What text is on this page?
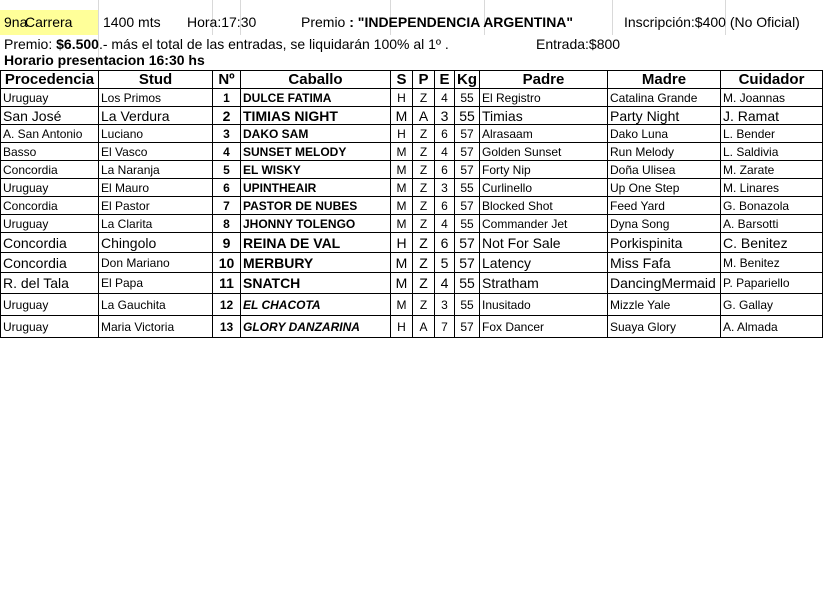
9na
Carrera 1400 mts Hora:17:30	Premio : "INDEPENDENCIA ARGENTINA"	Inscripción:$400 (No Oficial)
Premio: $6.500.- más el total de las entradas, se liquidarán 100% al 1º .	Entrada:$800
Horario presentacion 16:30 hs
Procedencia	Stud	Nº	Caballo	S	P	E	Kg	Padre	Madre	Cuidador
Uruguay	Los Primos	1	DULCE FATIMA	H	Z	4	55	El Registro	Catalina Grande	M. Joannas
San José	La Verdura	2	TIMIAS NIGHT	M	A	3	55	Timias	Party Night	J. Ramat
A. San Antonio	Luciano	3	DAKO SAM	H	Z	6	57	Alrasaam	Dako Luna	L. Bender
Basso	El Vasco	4	SUNSET MELODY	M	Z	4	57	Golden Sunset	Run Melody	L. Saldivia
Concordia	La Naranja	5	EL WISKY	M	Z	6	57	Forty Nip	Doña Ulisea	M. Zarate
Uruguay	El Mauro	6	UPINTHEAIR	M	Z	3	55	Curlinello	Up One Step	M. Linares
Concordia	El Pastor	7	PASTOR DE NUBES	M	Z	6	57	Blocked Shot	Feed Yard	G. Bonazola
Uruguay	La Clarita	8	JHONNY TOLENGO	M	Z	4	55	Commander Jet	Dyna Song	A. Barsotti
Concordia	Chingolo	9	REINA DE VAL	H	Z	6	57	Not For Sale	Porkispinita	C. Benitez
Concordia	Don Mariano	10	MERBURY	M	Z	5	57	Latency	Miss Fafa	M. Benitez
R. del Tala	El Papa	11	SNATCH	M	Z	4	55	Stratham	DancingMermaid	P. Papariello
Uruguay	La Gauchita	12	EL CHACOTA	M	Z	3	55	Inusitado	Mizzle Yale	G. Gallay
Uruguay	Maria Victoria	13	GLORY DANZARINA	H	A	7	57	Fox Dancer	Suaya Glory	A. Almada
